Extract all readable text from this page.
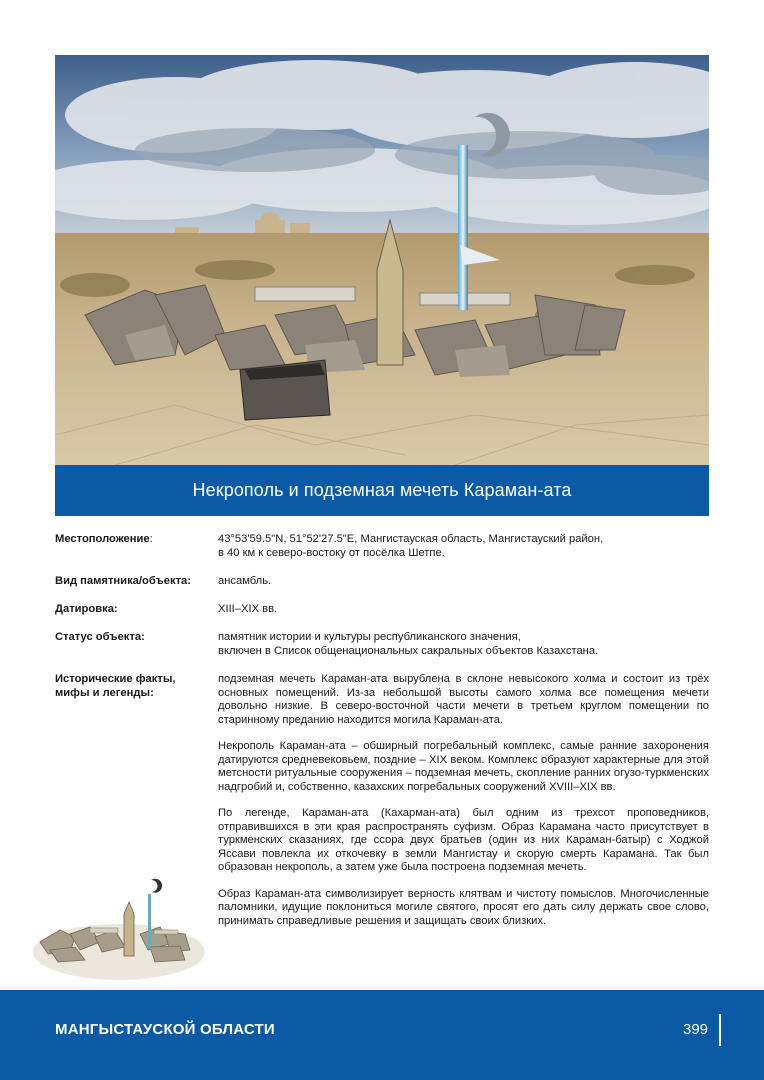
Некрополь и подземная мечеть Караман-ата
Местоположение:	43°53'59.5"N, 51°52'27.5"E, Мангистауская область, Мангистауский район,

в 40 км к северо-востоку от посёлка Шетпе.

Вид памятника/объекта:	ансамбль.
Датировка:	XIII–XIX вв.
Статус объекта:	памятник истории и культуры республиканского значения,

включен в Список общенациональных сакральных объектов Казахстана.

Исторические факты,
мифы и легенды:

подземная мечеть Караман-ата вырублена в склоне невысокого холма и состоит из трёх основных помещений. Из-за небольшой высоты самого холма все помещения мечети довольно низкие. В северо-восточной части мечети в третьем круглом помещении по старинному преданию находится могила Караман-ата.

Некрополь Караман-ата – обширный погребальный комплекс, самые ранние захоронения датируются средневековьем, поздние – XIX веком. Комплекс образуют характерные для этой метсности ритуальные сооружения – подземная мечеть, скопление ранних огузо-туркменских надгробий и, собственно, казахских погребальных сооружений XVIII–XIX вв.

По легенде, Караман-ата (Кахарман-ата) был одним из трехсот проповедников, отправившихся в эти края распространять суфизм. Образ Карамана часто присутствует в туркменских сказаниях, где ссора двух братьев (один из них Караман-батыр) с Ходжой Яссави повлекла их откочевку в земли Мангистау и скорую смерть Карамана. Так был образован некрополь, а затем уже была построена подземная мечеть.

Образ Караман-ата символизирует верность клятвам и чистоту помыслов. Многочисленные паломники, идущие поклониться могиле святого, просят его дать силу держать свое слово, принимать справедливые решения и защищать своих близких.

МАНГЫСТАУСКОЙ ОБЛАСТИ	399
